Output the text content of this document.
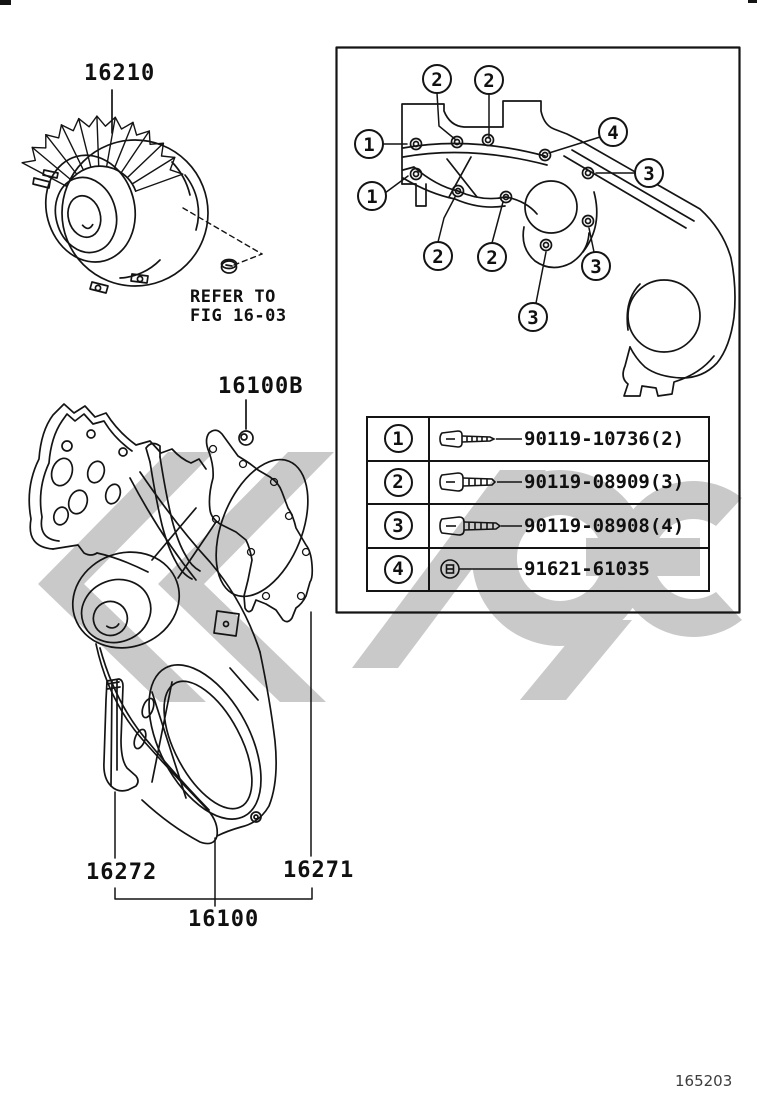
2 2
4
1
3
1
2 2	3
3
16210
REFER TO
FIG 16-03
16100B
16272	16271
16100
1	90119-10736(2)
2	90119-08909(3)
3	90119-08908(4)
4	91621-61035
165203
